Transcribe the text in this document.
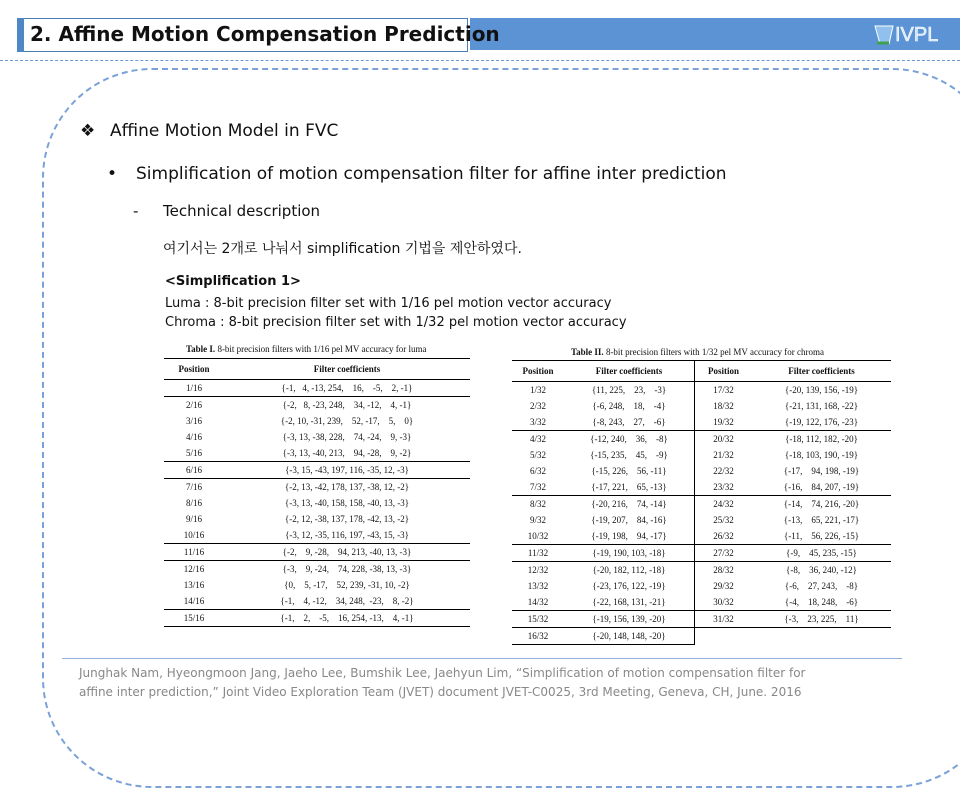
2. Affine Motion Compensation Prediction	IVPL
❖ Affine Motion Model in FVC
• Simplification of motion compensation filter for affine inter prediction
- Technical description
여기서는 2개로 나눠서 simplification 기법을 제안하였다.
<Simplification 1>
Luma : 8-bit precision filter set with 1/16 pel motion vector accuracy
Chroma : 8-bit precision filter set with 1/32 pel motion vector accuracy
Table I. 8-bit precision filters with 1/16 pel MV accuracy for luma
Position	Filter coefficients
1/16	{-1,   4, -13, 254,    16,    -5,    2, -1}
2/16	{-2,   8, -23, 248,    34, -12,    4, -1}
3/16	{-2, 10, -31, 239,    52, -17,    5,    0}
4/16	{-3, 13, -38, 228,    74, -24,    9, -3}
5/16	{-3, 13, -40, 213,    94, -28,    9, -2}
6/16	{-3, 15, -43, 197, 116, -35, 12, -3}
7/16	{-2, 13, -42, 178, 137, -38, 12, -2}
8/16	{-3, 13, -40, 158, 158, -40, 13, -3}
9/16	{-2, 12, -38, 137, 178, -42, 13, -2}
10/16	{-3, 12, -35, 116, 197, -43, 15, -3}
11/16	{-2,    9, -28,    94, 213, -40, 13, -3}
12/16	{-3,    9, -24,    74, 228, -38, 13, -3}
13/16	{0,    5, -17,    52, 239, -31, 10, -2}
14/16	{-1,    4, -12,    34, 248,  -23,    8, -2}
15/16	{-1,    2,    -5,    16, 254, -13,    4, -1}
Table II. 8-bit precision filters with 1/32 pel MV accuracy for chroma
Position	Filter coefficients	Position	Filter coefficients
1/32	{11, 225,    23,    -3}	17/32	{-20, 139, 156, -19}
2/32	{-6, 248,    18,    -4}	18/32	{-21, 131, 168, -22}
3/32	{-8, 243,    27,    -6}	19/32	{-19, 122, 176, -23}
4/32	{-12, 240,    36,    -8}	20/32	{-18, 112, 182, -20}
5/32	{-15, 235,    45,    -9}	21/32	{-18, 103, 190, -19}
6/32	{-15, 226,    56, -11}	22/32	{-17,    94, 198, -19}
7/32	{-17, 221,    65, -13}	23/32	{-16,    84, 207, -19}
8/32	{-20, 216,    74, -14}	24/32	{-14,    74, 216, -20}
9/32	{-19, 207,    84, -16}	25/32	{-13,    65, 221, -17}
10/32	{-19, 198,    94, -17}	26/32	{-11,    56, 226, -15}
11/32	{-19, 190, 103, -18}	27/32	{-9,    45, 235, -15}
12/32	{-20, 182, 112, -18}	28/32	{-8,    36, 240, -12}
13/32	{-23, 176, 122, -19}	29/32	{-6,    27, 243,    -8}
14/32	{-22, 168, 131, -21}	30/32	{-4,    18, 248,    -6}
15/32	{-19, 156, 139, -20}	31/32	{-3,    23, 225,    11}
16/32	{-20, 148, 148, -20}		
Junghak Nam, Hyeongmoon Jang, Jaeho Lee, Bumshik Lee, Jaehyun Lim, “Simplification of motion compensation filter for
affine inter prediction,” Joint Video Exploration Team (JVET) document JVET-C0025, 3rd Meeting, Geneva, CH, June. 2016
